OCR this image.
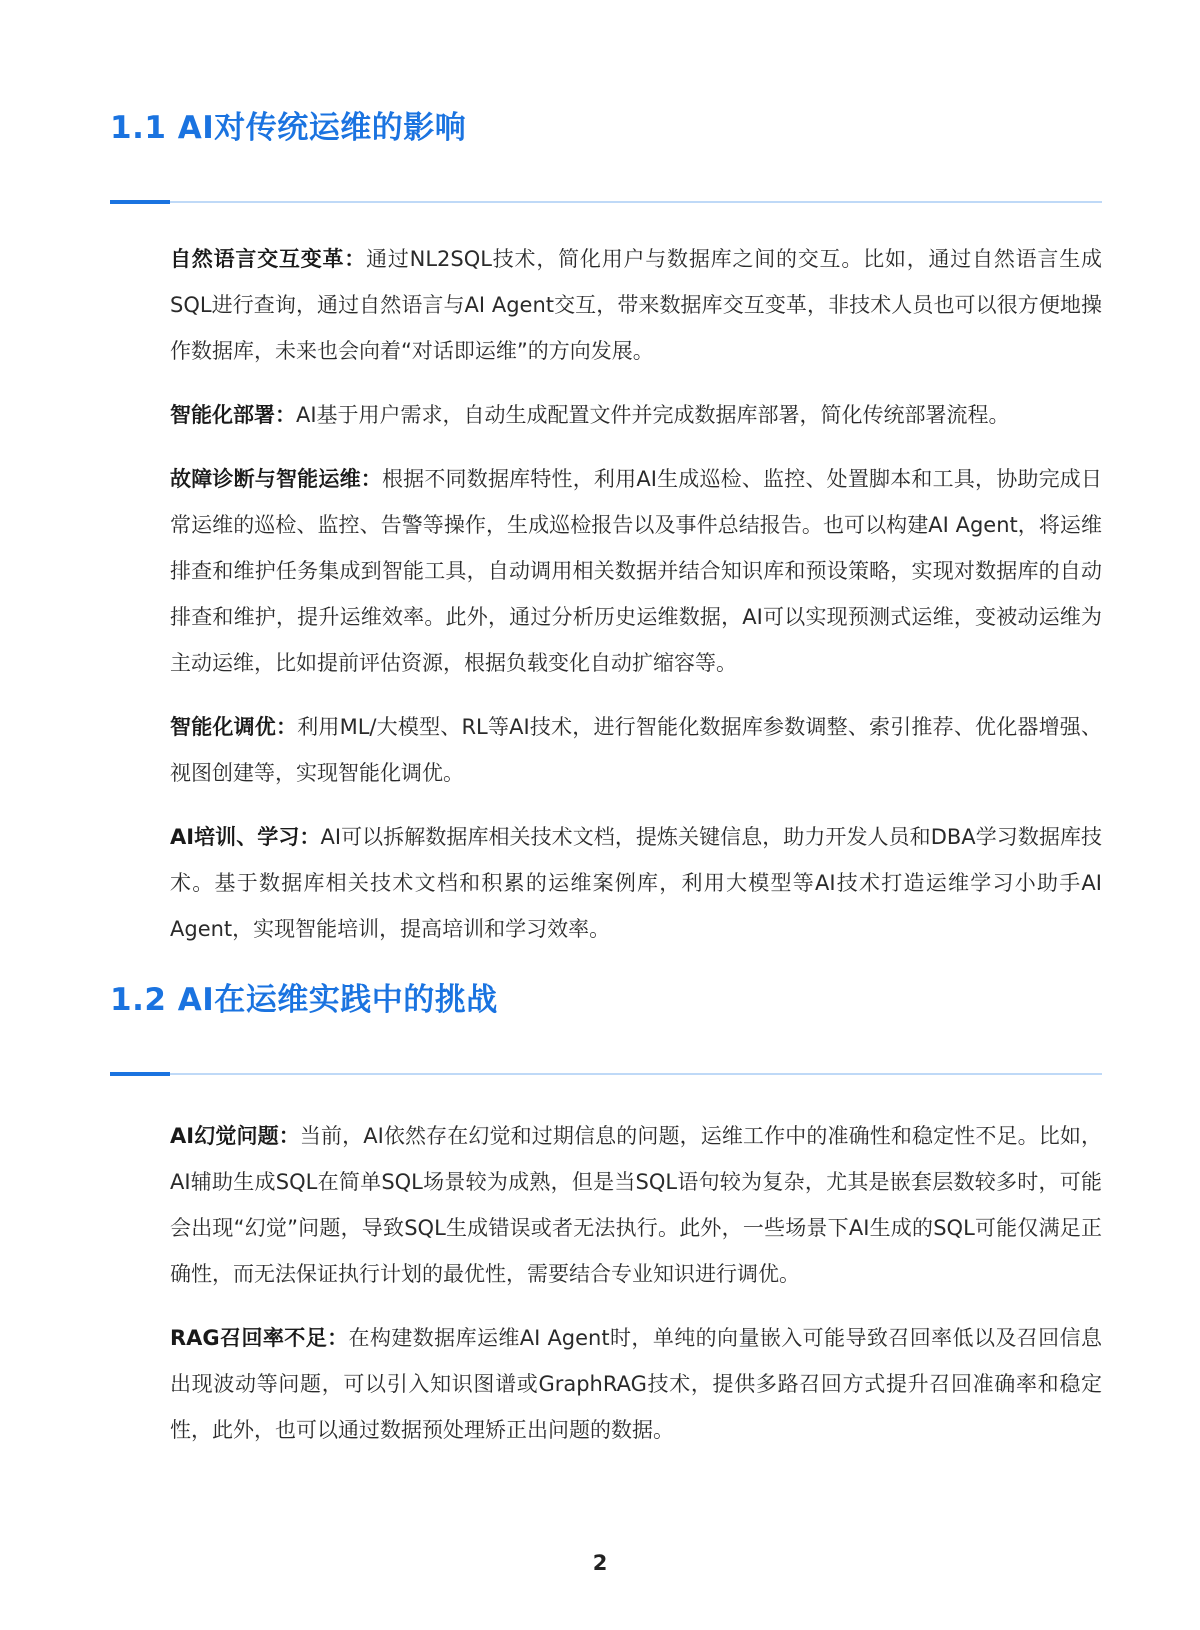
1.1 AI对传统运维的影响

自然语言交互变革：通过NL2SQL技术，简化用户与数据库之间的交互。比如，通过自然语言生成SQL进行查询，通过自然语言与AI Agent交互，带来数据库交互变革，非技术人员也可以很方便地操作数据库，未来也会向着“对话即运维”的方向发展。

智能化部署：AI基于用户需求，自动生成配置文件并完成数据库部署，简化传统部署流程。

故障诊断与智能运维：根据不同数据库特性，利用AI生成巡检、监控、处置脚本和工具，协助完成日常运维的巡检、监控、告警等操作，生成巡检报告以及事件总结报告。也可以构建AI Agent，将运维排查和维护任务集成到智能工具，自动调用相关数据并结合知识库和预设策略，实现对数据库的自动排查和维护，提升运维效率。此外，通过分析历史运维数据，AI可以实现预测式运维，变被动运维为主动运维，比如提前评估资源，根据负载变化自动扩缩容等。

智能化调优：利用ML/大模型、RL等AI技术，进行智能化数据库参数调整、索引推荐、优化器增强、视图创建等，实现智能化调优。

AI培训、学习：AI可以拆解数据库相关技术文档，提炼关键信息，助力开发人员和DBA学习数据库技术。基于数据库相关技术文档和积累的运维案例库，利用大模型等AI技术打造运维学习小助手AI Agent，实现智能培训，提高培训和学习效率。

1.2 AI在运维实践中的挑战

AI幻觉问题：当前，AI依然存在幻觉和过期信息的问题，运维工作中的准确性和稳定性不足。比如，AI辅助生成SQL在简单SQL场景较为成熟，但是当SQL语句较为复杂，尤其是嵌套层数较多时，可能会出现“幻觉”问题，导致SQL生成错误或者无法执行。此外，一些场景下AI生成的SQL可能仅满足正确性，而无法保证执行计划的最优性，需要结合专业知识进行调优。

RAG召回率不足：在构建数据库运维AI Agent时，单纯的向量嵌入可能导致召回率低以及召回信息出现波动等问题，可以引入知识图谱或GraphRAG技术，提供多路召回方式提升召回准确率和稳定性，此外，也可以通过数据预处理矫正出问题的数据。

2
